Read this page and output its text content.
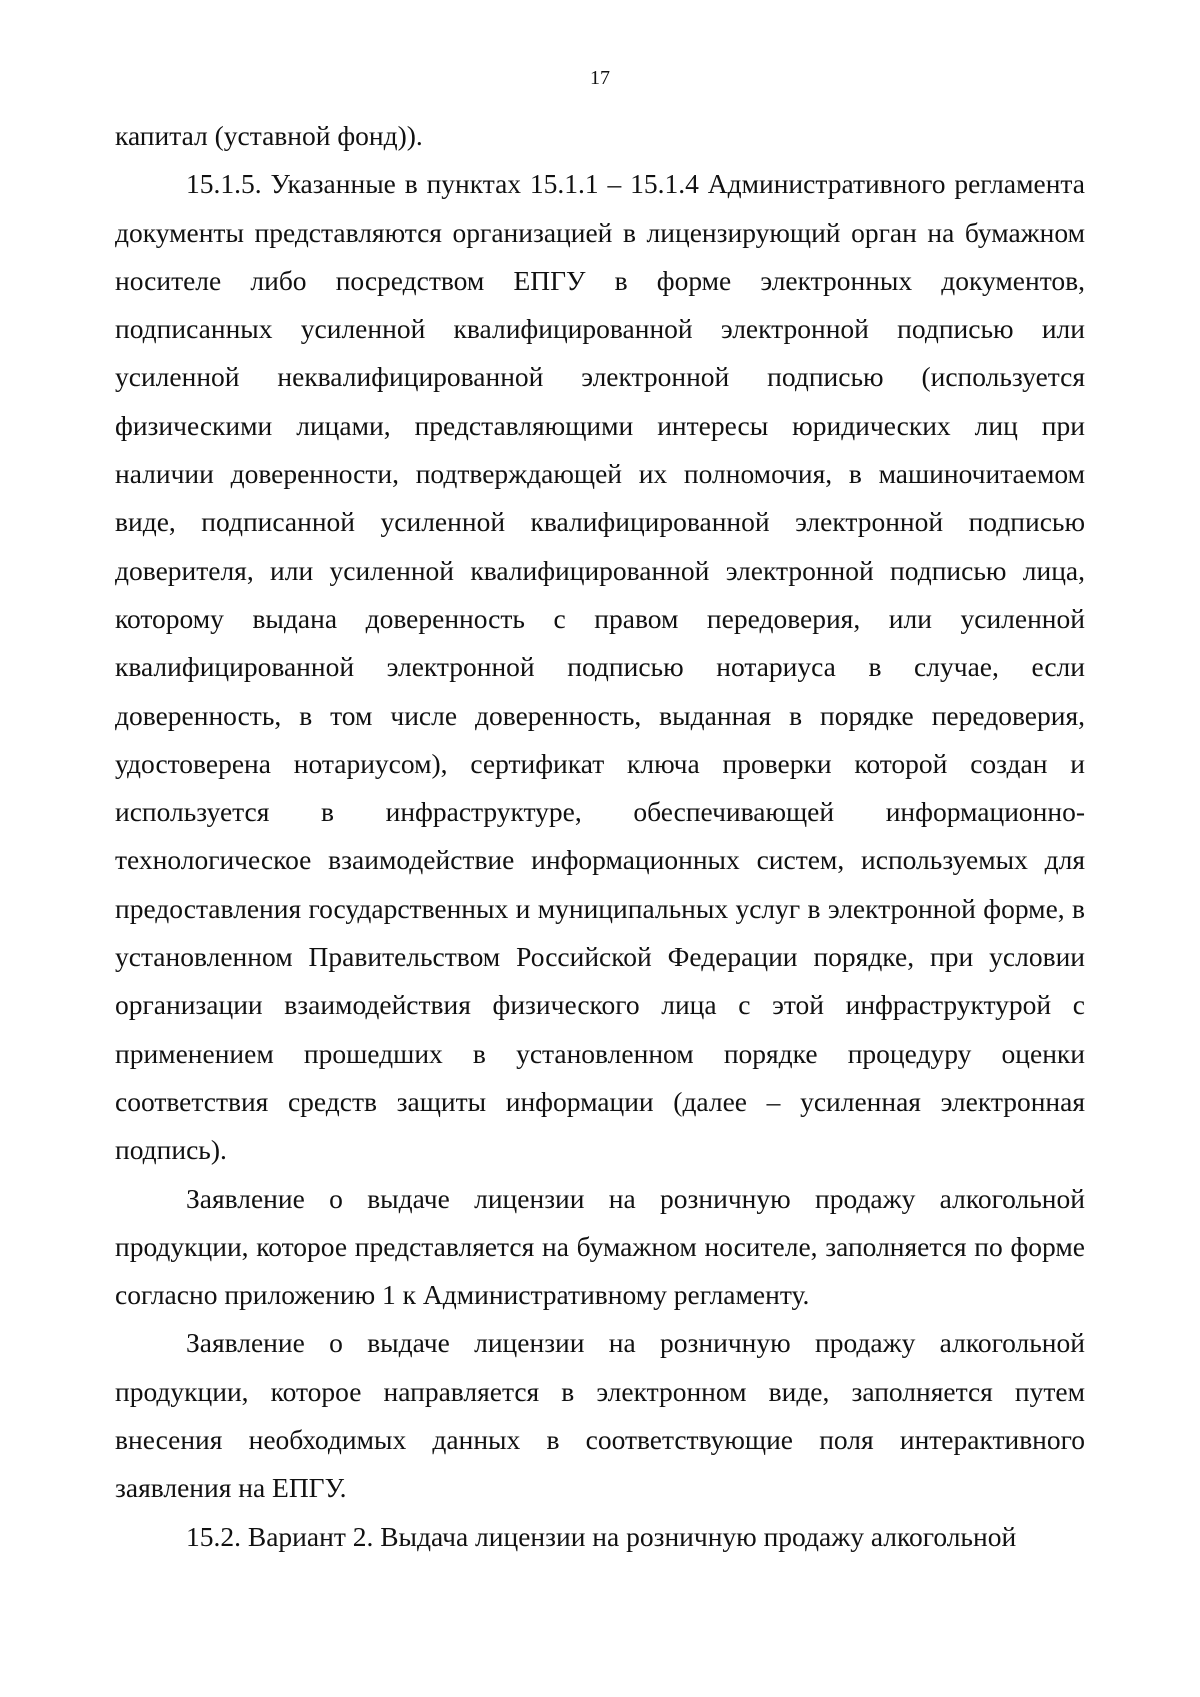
17

капитал (уставной фонд)).

15.1.5. Указанные в пунктах 15.1.1 – 15.1.4 Административного регламента документы представляются организацией в лицензирующий орган на бумажном носителе либо посредством ЕПГУ в форме электронных документов, подписанных усиленной квалифицированной электронной подписью или усиленной неквалифицированной электронной подписью (используется физическими лицами, представляющими интересы юридических лиц при наличии доверенности, подтверждающей их полномочия, в машиночитаемом виде, подписанной усиленной квалифицированной электронной подписью доверителя, или усиленной квалифицированной электронной подписью лица, которому выдана доверенность с правом передоверия, или усиленной квалифицированной электронной подписью нотариуса в случае, если доверенность, в том числе доверенность, выданная в порядке передоверия, удостоверена нотариусом), сертификат ключа проверки которой создан и используется в инфраструктуре, обеспечивающей информационно-технологическое взаимодействие информационных систем, используемых для предоставления государственных и муниципальных услуг в электронной форме, в установленном Правительством Российской Федерации порядке, при условии организации взаимодействия физического лица с этой инфраструктурой с применением прошедших в установленном порядке процедуру оценки соответствия средств защиты информации (далее – усиленная электронная подпись).

Заявление о выдаче лицензии на розничную продажу алкогольной продукции, которое представляется на бумажном носителе, заполняется по форме согласно приложению 1 к Административному регламенту.

Заявление о выдаче лицензии на розничную продажу алкогольной продукции, которое направляется в электронном виде, заполняется путем внесения необходимых данных в соответствующие поля интерактивного заявления на ЕПГУ.

15.2. Вариант 2. Выдача лицензии на розничную продажу алкогольной
